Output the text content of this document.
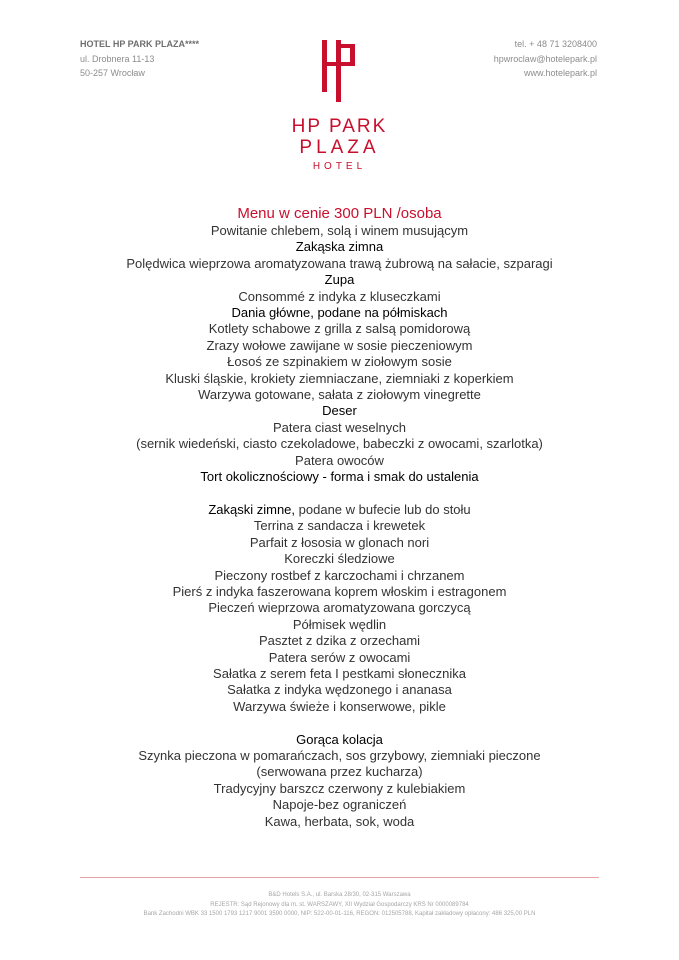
HOTEL HP PARK PLAZA****
ul. Drobnera 11-13
50-257 Wrocław
tel. + 48 71 3208400
hpwroclaw@hotelepark.pl
www.hotelepark.pl
HP PARK
PLAZA
HOTEL
Menu w cenie 300 PLN /osoba
Powitanie chlebem, solą i winem musującym
Zakąska zimna
Polędwica wieprzowa aromatyzowana trawą żubrową na sałacie, szparagi
Zupa
Consommé z indyka z kluseczkami
Dania główne, podane na półmiskach
Kotlety schabowe z grilla z salsą pomidorową
Zrazy wołowe zawijane w sosie pieczeniowym
Łosoś ze szpinakiem w ziołowym sosie
Kluski śląskie, krokiety ziemniaczane, ziemniaki z koperkiem
Warzywa gotowane, sałata z ziołowym vinegrette
Deser
Patera ciast weselnych
(sernik wiedeński, ciasto czekoladowe, babeczki z owocami, szarlotka)
Patera owoców
Tort okolicznościowy - forma i smak do ustalenia
Zakąski zimne, podane w bufecie lub do stołu
Terrina z sandacza i krewetek
Parfait z łososia w glonach nori
Koreczki śledziowe
Pieczony rostbef z karczochami i chrzanem
Pierś z indyka faszerowana koprem włoskim i estragonem
Pieczeń wieprzowa aromatyzowana gorczycą
Półmisek wędlin
Pasztet z dzika z orzechami
Patera serów z owocami
Sałatka z serem feta I pestkami słonecznika
Sałatka z indyka wędzonego i ananasa
Warzywa świeże i konserwowe, pikle
Gorąca kolacja
Szynka pieczona w pomarańczach, sos grzybowy, ziemniaki pieczone
(serwowana przez kucharza)
Tradycyjny barszcz czerwony z kulebiakiem
Napoje-bez ograniczeń
Kawa, herbata, sok, woda
B&D Hotels S.A., ul. Barska 28/30, 02-315 Warszawa
REJESTR: Sąd Rejonowy dla m. st. WARSZAWY, XII Wydział Gospodarczy KRS Nr 0000089784
Bank Zachodni WBK 33 1500 1793 1217 9001 3590 0000, NIP: 522-00-01-116, REGON: 012505788, Kapitał zakładowy opłacony: 486 325,00 PLN
